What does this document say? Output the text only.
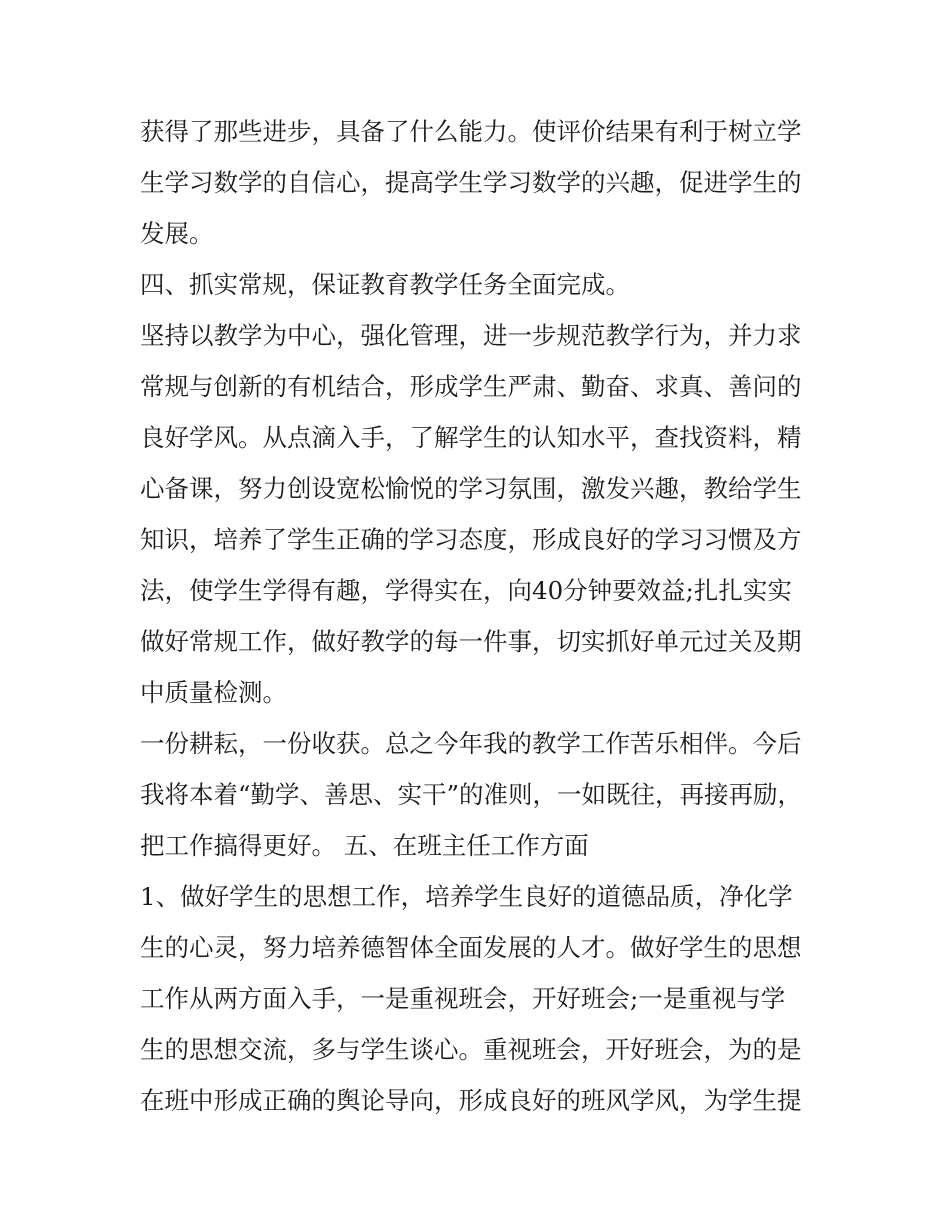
获得了那些进步，具备了什么能力。使评价结果有利于树立学
生学习数学的自信心，提高学生学习数学的兴趣，促进学生的
发展。
四、抓实常规，保证教育教学任务全面完成。
坚持以教学为中心，强化管理，进一步规范教学行为，并力求
常规与创新的有机结合，形成学生严肃、勤奋、求真、善问的
良好学风。从点滴入手，了解学生的认知水平，查找资料，精
心备课，努力创设宽松愉悦的学习氛围，激发兴趣，教给学生
知识，培养了学生正确的学习态度，形成良好的学习习惯及方
法，使学生学得有趣，学得实在，向40分钟要效益;扎扎实实
做好常规工作，做好教学的每一件事，切实抓好单元过关及期
中质量检测。
一份耕耘，一份收获。总之今年我的教学工作苦乐相伴。今后
我将本着“勤学、善思、实干”的准则，一如既往，再接再励，
把工作搞得更好。 五、在班主任工作方面
1、做好学生的思想工作，培养学生良好的道德品质，净化学
生的心灵，努力培养德智体全面发展的人才。做好学生的思想
工作从两方面入手，一是重视班会，开好班会;一是重视与学
生的思想交流，多与学生谈心。重视班会，开好班会，为的是
在班中形成正确的舆论导向，形成良好的班风学风，为学生提
